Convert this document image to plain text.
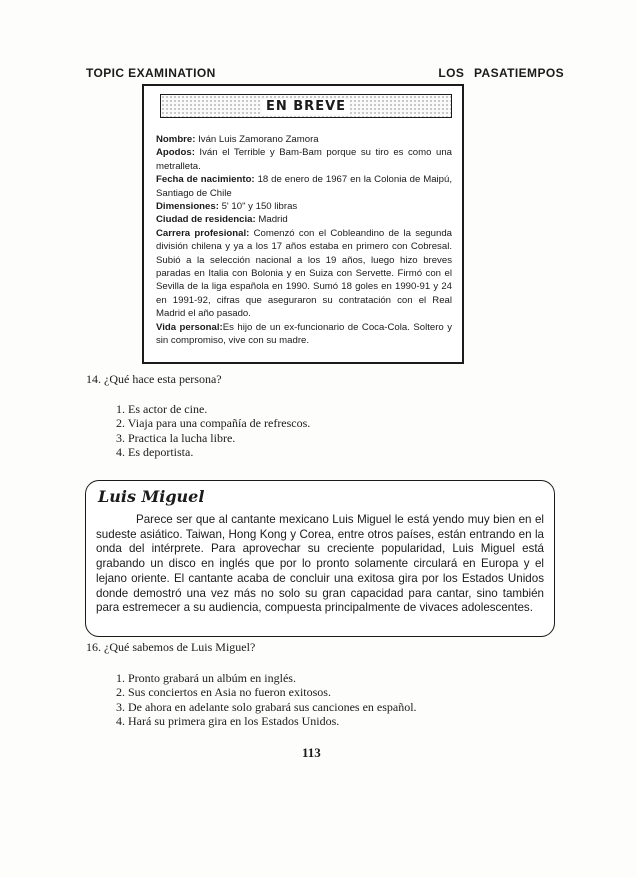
TOPIC EXAMINATION	LOS PASATIEMPOS
EN BREVE

Nombre: Iván Luis Zamorano Zamora

Apodos: Iván el Terrible y Bam-Bam porque su tiro es como una metralleta.

Fecha de nacimiento: 18 de enero de 1967 en la Colonia de Maipú, Santiago de Chile

Dimensiones: 5' 10" y 150 libras

Ciudad de residencia: Madrid

Carrera profesional: Comenzó con el Cobleandino de la segunda división chilena y ya a los 17 años estaba en primero con Cobresal. Subió a la selección nacional a los 19 años, luego hizo breves paradas en Italia con Bolonia y en Suiza con Servette. Firmó con el Sevilla de la liga española en 1990. Sumó 18 goles en 1990-91 y 24 en 1991-92, cifras que aseguraron su contratación con el Real Madrid el año pasado.

Vida personal:Es hijo de un ex-funcionario de Coca-Cola. Soltero y sin compromiso, vive con su madre.

14. ¿Qué hace esta persona?
1. Es actor de cine.
2. Viaja para una compañía de refrescos.
3. Practica la lucha libre.
4. Es deportista.
Luis Miguel
Parece ser que al cantante mexicano Luis Miguel le está yendo muy bien en el sudeste asiático. Taiwan, Hong Kong y Corea, entre otros países, están entrando en la onda del intérprete. Para aprovechar su creciente popularidad, Luis Miguel está grabando un disco en inglés que por lo pronto solamente circulará en Europa y el lejano oriente. El cantante acaba de concluir una exitosa gira por los Estados Unidos donde demostró una vez más no solo su gran capacidad para cantar, sino también para estremecer a su audiencia, compuesta principalmente de vivaces adolescentes.
16. ¿Qué sabemos de Luis Miguel?
1. Pronto grabará un albúm en inglés.
2. Sus conciertos en Asia no fueron exitosos.
3. De ahora en adelante solo grabará sus canciones en español.
4. Hará su primera gira en los Estados Unidos.
113
